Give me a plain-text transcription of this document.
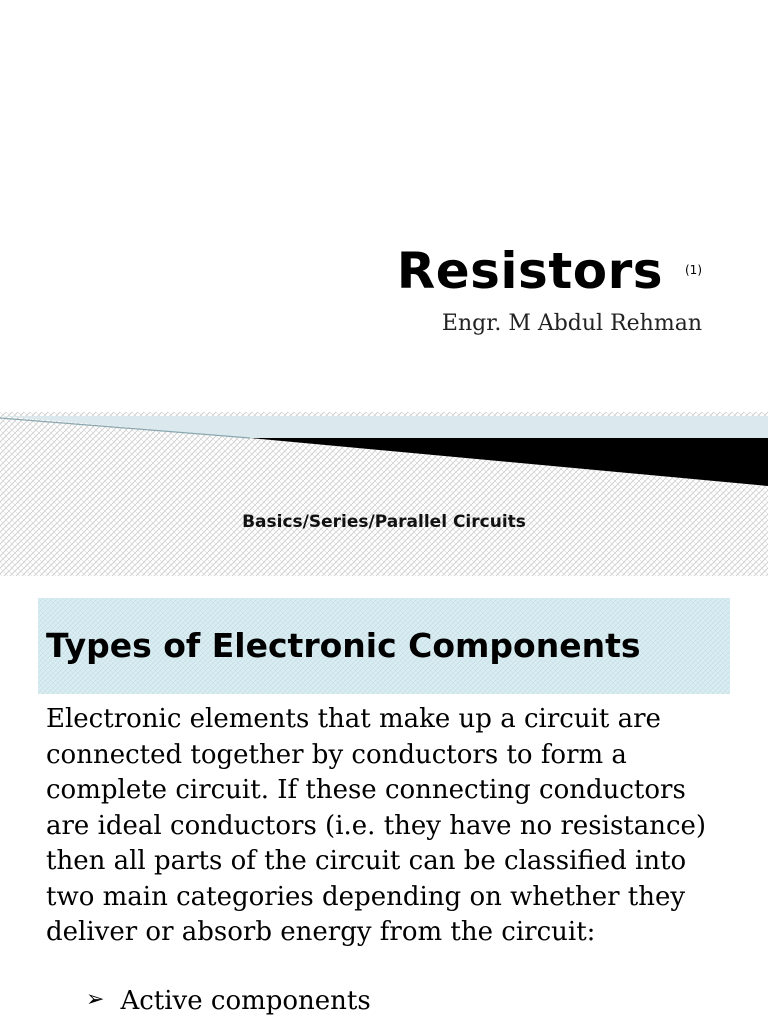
Resistors (1)
Engr. M Abdul Rehman
Basics/Series/Parallel Circuits
Types of Electronic Components

Electronic elements that make up a circuit are connected together by conductors to form a complete circuit. If these connecting conductors are ideal conductors (i.e. they have no resistance) then all parts of the circuit can be classified into two main categories depending on whether they deliver or absorb energy from the circuit:

➢ Active components
